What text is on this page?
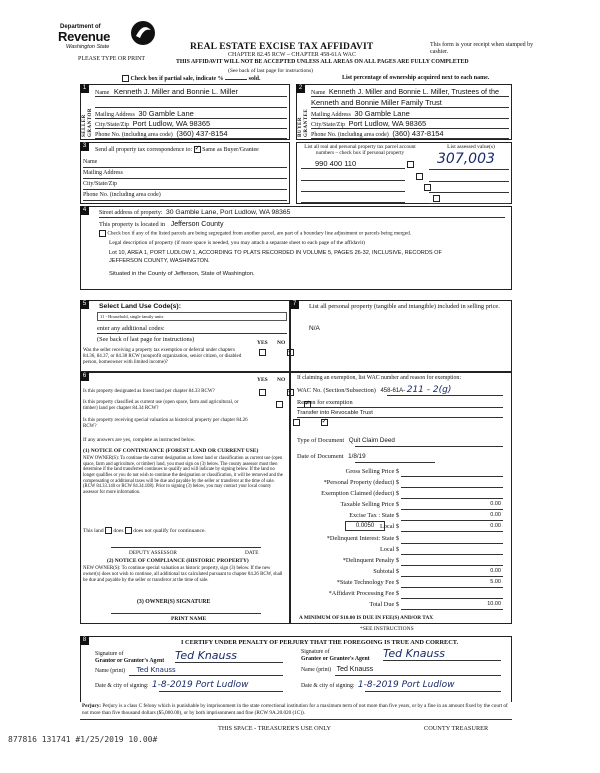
Department of
Revenue
Washington State
PLEASE TYPE OR PRINT
REAL ESTATE EXCISE TAX AFFIDAVIT
CHAPTER 82.45 RCW – CHAPTER 458-61A WAC
THIS AFFIDAVIT WILL NOT BE ACCEPTED UNLESS ALL AREAS ON ALL PAGES ARE FULLY COMPLETED
This form is your receipt when stamped by cashier.
(See back of last page for instructions)
Check box if partial sale, indicate %	sold.	List percentage of ownership acquired next to each name.
1
SELLER GRANTOR
Name Kenneth J. Miller and Bonnie L. Miller
Mailing Address 30 Gamble Lane
City/State/Zip Port Ludlow, WA 98365
Phone No. (including area code) (360) 437-8154
2
BUYER GRANTEE
Name Kenneth J. Miller and Bonnie L. Miller, Trustees of the
Kenneth and Bonnie Miller Family Trust
Mailing Address 30 Gamble Lane
City/State/Zip Port Ludlow, WA 98365
Phone No. (including area code) (360) 437-8154
3
Send all property tax correspondence to: ✓ Same as Buyer/Grantee
Name
Mailing Address
City/State/Zip
Phone No. (including area code)
List all real and personal property tax parcel account numbers – check box if personal property
List assessed value(s)
990 400 110
	307,003
4	Street address of property: 30 Gamble Lane, Port Ludlow, WA 98365
This property is located in Jefferson County
Check box if any of the listed parcels are being segregated from another parcel, are part of a boundary line adjustment or parcels being merged.
Legal description of property (if more space is needed, you may attach a separate sheet to each page of the affidavit)
Lot 10, AREA 1, PORT LUDLOW 1, ACCORDING TO PLATS RECORDED IN VOLUME 5, PAGES 26-32, INCLUSIVE, RECORDS OF
JEFFERSON COUNTY, WASHINGTON.
Situated in the County of Jefferson, State of Washington.
5	Select Land Use Code(s):
11 - Household, single family units
enter any additional codes:
(See back of last page for instructions)	YES NO
Was the seller receiving a property tax exemption or deferral under chapters 84.36, 84.37, or 84.38 RCW (nonprofit organization, senior citizen, or disabled person, homeowner with limited income)?
✓
7	List all personal property (tangible and intangible) included in selling price.
N/A
6
YES NO
Is this property designated as forest land per chapter 84.33 RCW?
✓
Is this property classified as current use (open space, farm and agricultural, or timber) land per chapter 84.34 RCW?
✓
Is this property receiving special valuation as historical property per chapter 84.26 RCW?
✓
If any answers are yes, complete as instructed below.
(1) NOTICE OF CONTINUANCE (FOREST LAND OR CURRENT USE)
NEW OWNER(S): To continue the current designation as forest land or classification as current use (open space, farm and agriculture, or timber) land, you must sign on (3) below. The county assessor must then determine if the land transferred continues to qualify and will indicate by signing below. If the land no longer qualifies or you do not wish to continue the designation or classification, it will be removed and the compensating or additional taxes will be due and payable by the seller or transferor at the time of sale. (RCW 84.33.140 or RCW 84.34.108). Prior to signing (3) below, you may contact your local county assessor for more information.
This land does does not qualify for continuance.
DEPUTY ASSESSOR	DATE
(2) NOTICE OF COMPLIANCE (HISTORIC PROPERTY)
NEW OWNER(S): To continue special valuation as historic property, sign (3) below. If the new owner(s) does not wish to continue, all additional tax calculated pursuant to chapter 84.26 RCW, shall be due and payable by the seller or transferor at the time of sale.
(3) OWNER(S) SIGNATURE
PRINT NAME
If claiming an exemption, list WAC number and reason for exemption:
WAC No. (Section/Subsection) 458-61A- 211 - 2(g)
Reason for exemption
Transfer into Revocable Trust
Type of Document Quit Claim Deed
Date of Document 1/8/19
Gross Selling Price $
*Personal Property (deduct) $
Exemption Claimed (deduct) $
Taxable Selling Price $	0.00
Excise Tax : State $	0.00
0.0050 Local $	0.00
*Delinquent Interest: State $
Local $
*Delinquent Penalty $
Subtotal $	0.00
*State Technology Fee $	5.00
*Affidavit Processing Fee $
Total Due $	10.00
A MINIMUM OF $10.00 IS DUE IN FEE(S) AND/OR TAX
*SEE INSTRUCTIONS
8	I CERTIFY UNDER PENALTY OF PERJURY THAT THE FOREGOING IS TRUE AND CORRECT.
Signature of
Grantor or Grantor's Agent Ted Knauss	Signature of
Grantee or Grantee's Agent Ted Knauss
Name (print) Ted Knauss	Name (print) Ted Knauss
Date & city of signing: 1-8-2019 Port Ludlow	Date & city of signing: 1-8-2019 Port Ludlow
Perjury: Perjury is a class C felony which is punishable by imprisonment in the state correctional institution for a maximum term of not more than five years, or by a fine in an amount fixed by the court of not more than five thousand dollars ($5,000.00), or by both imprisonment and fine (RCW 9A.20.020 (1C)).
877816 131741 #1/25/2019 10.00#
THIS SPACE - TREASURER'S USE ONLY	COUNTY TREASURER
